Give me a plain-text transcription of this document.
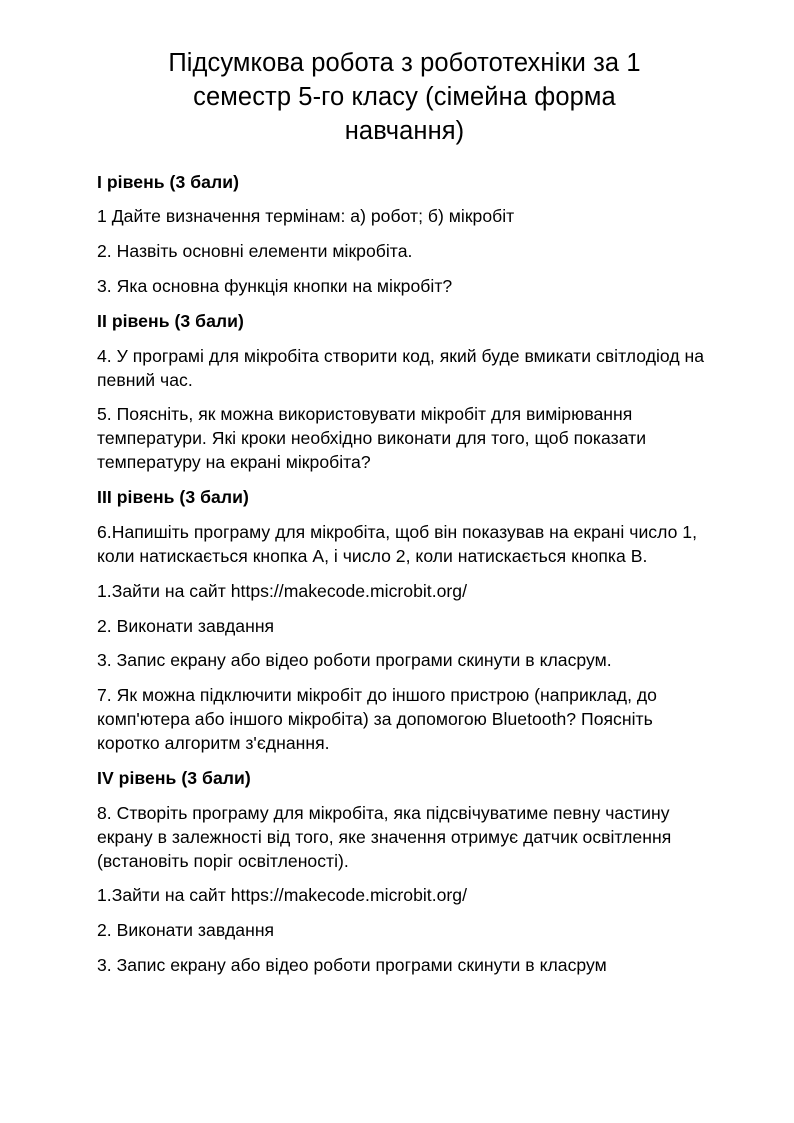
Підсумкова робота з робототехніки за 1
семестр 5-го класу (сімейна форма
навчання)

I рівень (3 бали)

1 Дайте визначення термінам: а) робот; б) мікробіт

2. Назвіть основні елементи мікробіта.

3. Яка основна функція кнопки на мікробіт?

II рівень (3 бали)

4. У програмі для мікробіта створити код, який буде вмикати світлодіод на певний час.

5. Поясніть, як можна використовувати мікробіт для вимірювання температури. Які кроки необхідно виконати для того, щоб показати температуру на екрані мікробіта?

III рівень (3 бали)

6.Напишіть програму для мікробіта, щоб він показував на екрані число 1, коли натискається кнопка A, і число 2, коли натискається кнопка B.

1.Зайти на сайт https://makecode.microbit.org/

2. Виконати завдання

3. Запис екрану або відео роботи програми скинути в класрум.

7. Як можна підключити мікробіт до іншого пристрою (наприклад, до комп'ютера або іншого мікробіта) за допомогою Bluetooth? Поясніть коротко алгоритм з'єднання.

IV рівень (3 бали)

8. Створіть програму для мікробіта, яка підсвічуватиме певну частину екрану в залежності від того, яке значення отримує датчик освітлення (встановіть поріг освітленості).

1.Зайти на сайт https://makecode.microbit.org/

2. Виконати завдання

3. Запис екрану або відео роботи програми скинути в класрум
